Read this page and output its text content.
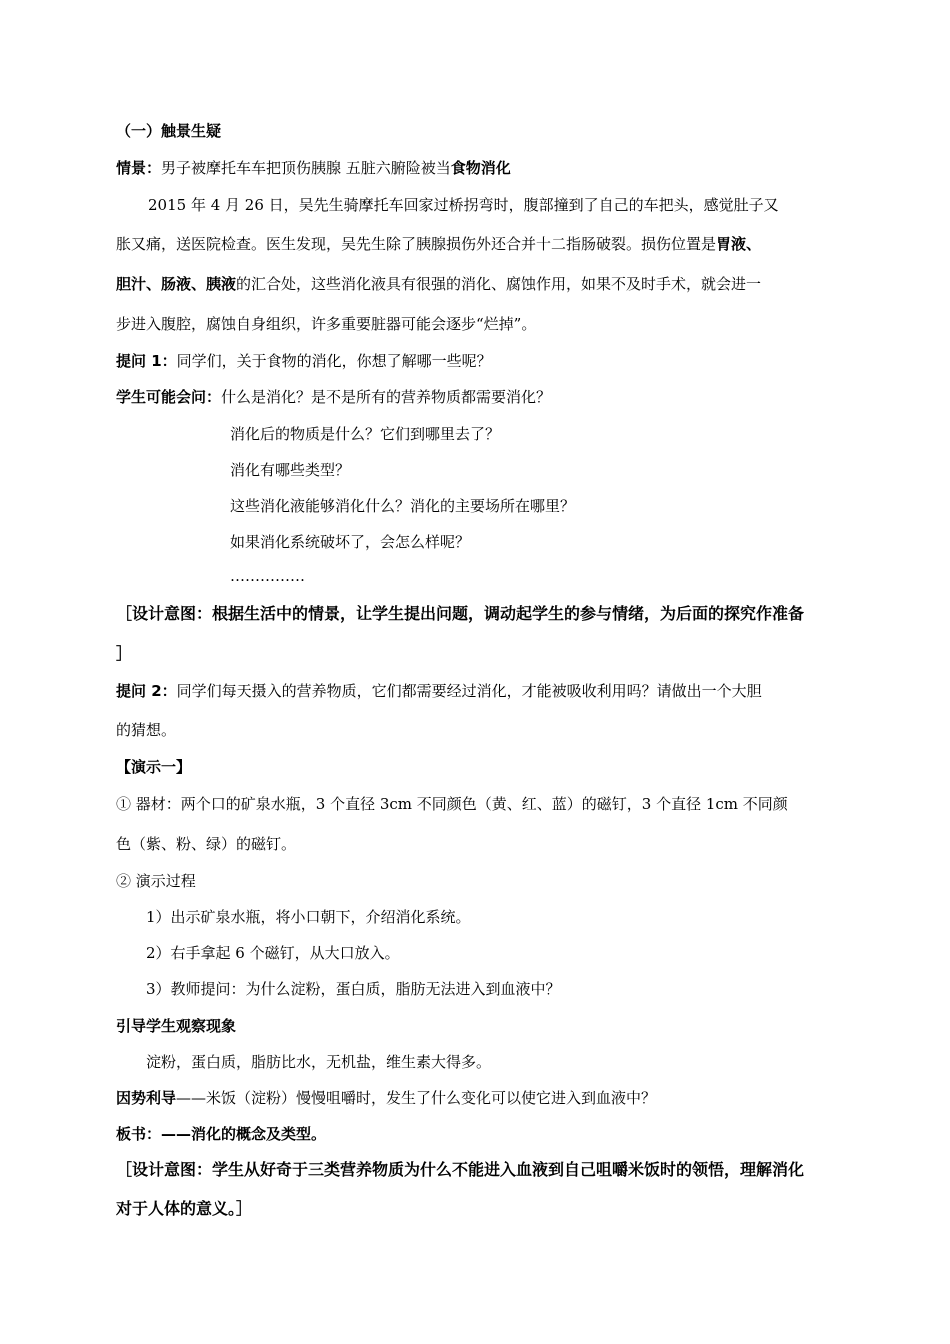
（一）触景生疑
情景：男子被摩托车车把顶伤胰腺 五脏六腑险被当食物消化
2015 年 4 月 26 日，吴先生骑摩托车回家过桥拐弯时，腹部撞到了自己的车把头，感觉肚子又
胀又痛，送医院检查。医生发现，吴先生除了胰腺损伤外还合并十二指肠破裂。损伤位置是胃液、
胆汁、肠液、胰液的汇合处，这些消化液具有很强的消化、腐蚀作用，如果不及时手术，就会进一
步进入腹腔，腐蚀自身组织，许多重要脏器可能会逐步“烂掉”。
提问 1：同学们，关于食物的消化，你想了解哪一些呢？
学生可能会问：什么是消化？是不是所有的营养物质都需要消化？
消化后的物质是什么？它们到哪里去了？
消化有哪些类型？
这些消化液能够消化什么？消化的主要场所在哪里？
如果消化系统破坏了，会怎么样呢？
……………
［设计意图：根据生活中的情景，让学生提出问题，调动起学生的参与情绪，为后面的探究作准备
］
提问 2：同学们每天摄入的营养物质，它们都需要经过消化，才能被吸收利用吗？请做出一个大胆
的猜想。
【演示一】
① 器材：两个口的矿泉水瓶，3 个直径 3cm 不同颜色（黄、红、蓝）的磁钉，3 个直径 1cm 不同颜
色（紫、粉、绿）的磁钉。
② 演示过程
1）出示矿泉水瓶，将小口朝下，介绍消化系统。
2）右手拿起 6 个磁钉，从大口放入。
3）教师提问：为什么淀粉，蛋白质，脂肪无法进入到血液中？
引导学生观察现象
淀粉，蛋白质，脂肪比水，无机盐，维生素大得多。
因势利导——米饭（淀粉）慢慢咀嚼时，发生了什么变化可以使它进入到血液中？
板书：——消化的概念及类型。
［设计意图：学生从好奇于三类营养物质为什么不能进入血液到自己咀嚼米饭时的领悟，理解消化
对于人体的意义。］
